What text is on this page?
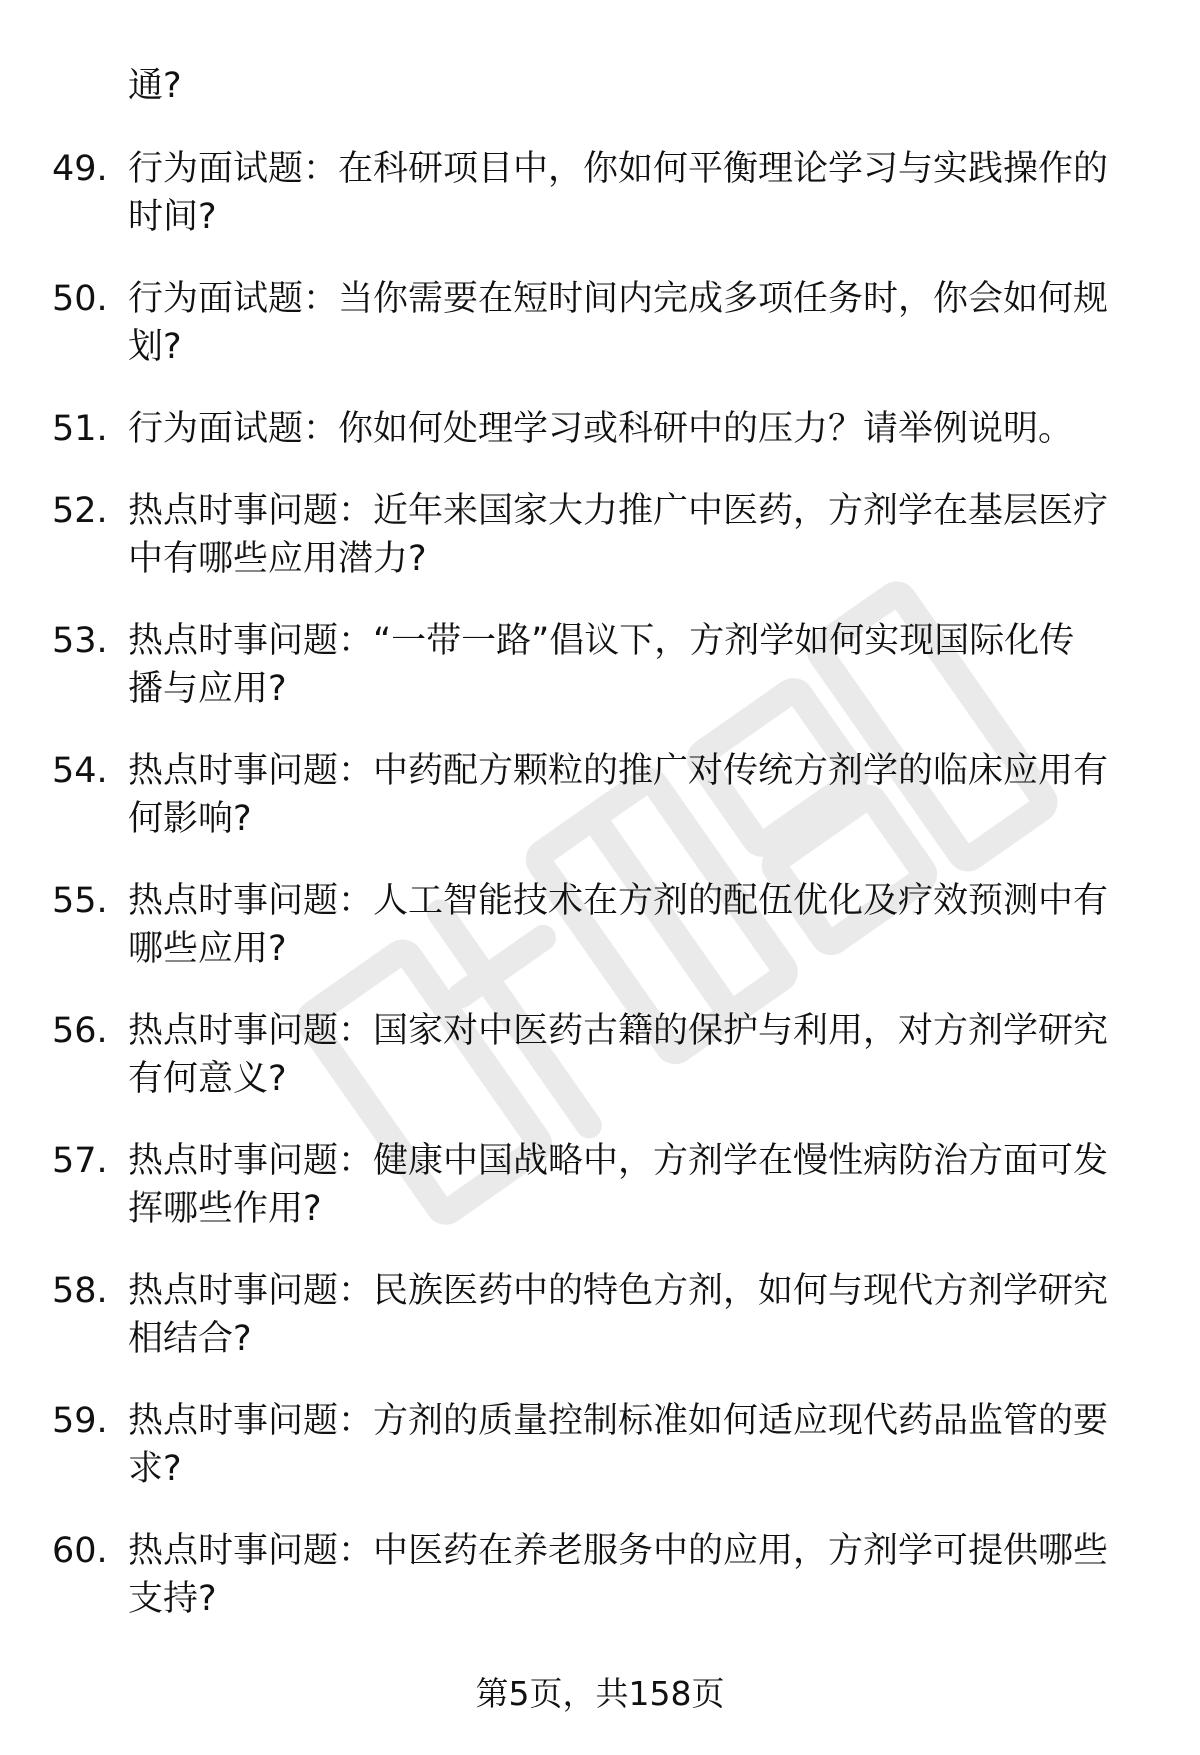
通?
49. 行为面试题：在科研项目中，你如何平衡理论学习与实践操作的
时间?
50. 行为面试题：当你需要在短时间内完成多项任务时，你会如何规
划?
51. 行为面试题：你如何处理学习或科研中的压力？请举例说明。
52. 热点时事问题：近年来国家大力推广中医药，方剂学在基层医疗
中有哪些应用潜力?
53. 热点时事问题：“一带一路”倡议下，方剂学如何实现国际化传
播与应用?
54. 热点时事问题：中药配方颗粒的推广对传统方剂学的临床应用有
何影响?
55. 热点时事问题：人工智能技术在方剂的配伍优化及疗效预测中有
哪些应用?
56. 热点时事问题：国家对中医药古籍的保护与利用，对方剂学研究
有何意义?
57. 热点时事问题：健康中国战略中，方剂学在慢性病防治方面可发
挥哪些作用?
58. 热点时事问题：民族医药中的特色方剂，如何与现代方剂学研究
相结合?
59. 热点时事问题：方剂的质量控制标准如何适应现代药品监管的要
求?
60. 热点时事问题：中医药在养老服务中的应用，方剂学可提供哪些
支持?
第5页，共158页
